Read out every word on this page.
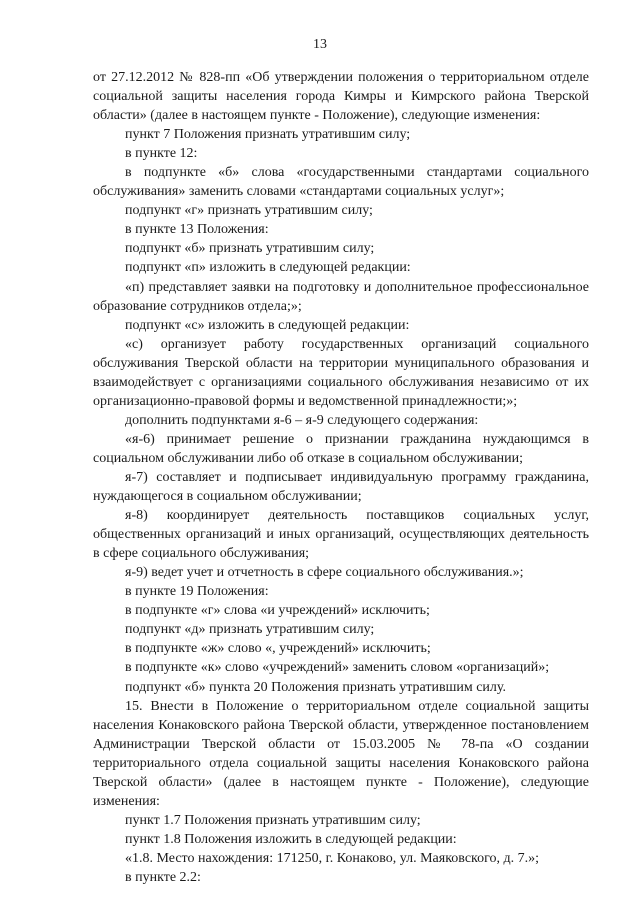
13

от 27.12.2012 № 828-пп «Об утверждении положения о территориальном отделе социальной защиты населения города Кимры и Кимрского района Тверской области» (далее в настоящем пункте - Положение), следующие изменения:

пункт 7 Положения признать утратившим силу;

в пункте 12:

в подпункте «б» слова «государственными стандартами социального обслуживания» заменить словами «стандартами социальных услуг»;

подпункт «г» признать утратившим силу;

в пункте 13 Положения:

подпункт «б» признать утратившим силу;

подпункт «п» изложить в следующей редакции:

«п) представляет заявки на подготовку и дополнительное профессиональное образование сотрудников отдела;»;

подпункт «с» изложить в следующей редакции:

«с) организует работу государственных организаций социального обслуживания Тверской области на территории муниципального образования и взаимодействует с организациями социального обслуживания независимо от их организационно-правовой формы и ведомственной принадлежности;»;

дополнить подпунктами я-6 – я-9 следующего содержания:

«я-6) принимает решение о признании гражданина нуждающимся в социальном обслуживании либо об отказе в социальном обслуживании;

я-7) составляет и подписывает индивидуальную программу гражданина, нуждающегося в социальном обслуживании;

я-8) координирует деятельность поставщиков социальных услуг, общественных организаций и иных организаций, осуществляющих деятельность в сфере социального обслуживания;

я-9) ведет учет и отчетность в сфере социального обслуживания.»;

в пункте 19 Положения:

в подпункте «г» слова «и учреждений» исключить;

подпункт «д» признать утратившим силу;

в подпункте «ж» слово «, учреждений» исключить;

в подпункте «к» слово «учреждений» заменить словом «организаций»;

подпункт «б» пункта 20 Положения признать утратившим силу.

15. Внести в Положение о территориальном отделе социальной защиты населения Конаковского района Тверской области, утвержденное постановлением Администрации Тверской области от 15.03.2005 № 78-па «О создании территориального отдела социальной защиты населения Конаковского района Тверской области» (далее в настоящем пункте - Положение), следующие изменения:

пункт 1.7 Положения признать утратившим силу;

пункт 1.8 Положения изложить в следующей редакции:

«1.8. Место нахождения: 171250, г. Конаково, ул. Маяковского, д. 7.»;

в пункте 2.2:
